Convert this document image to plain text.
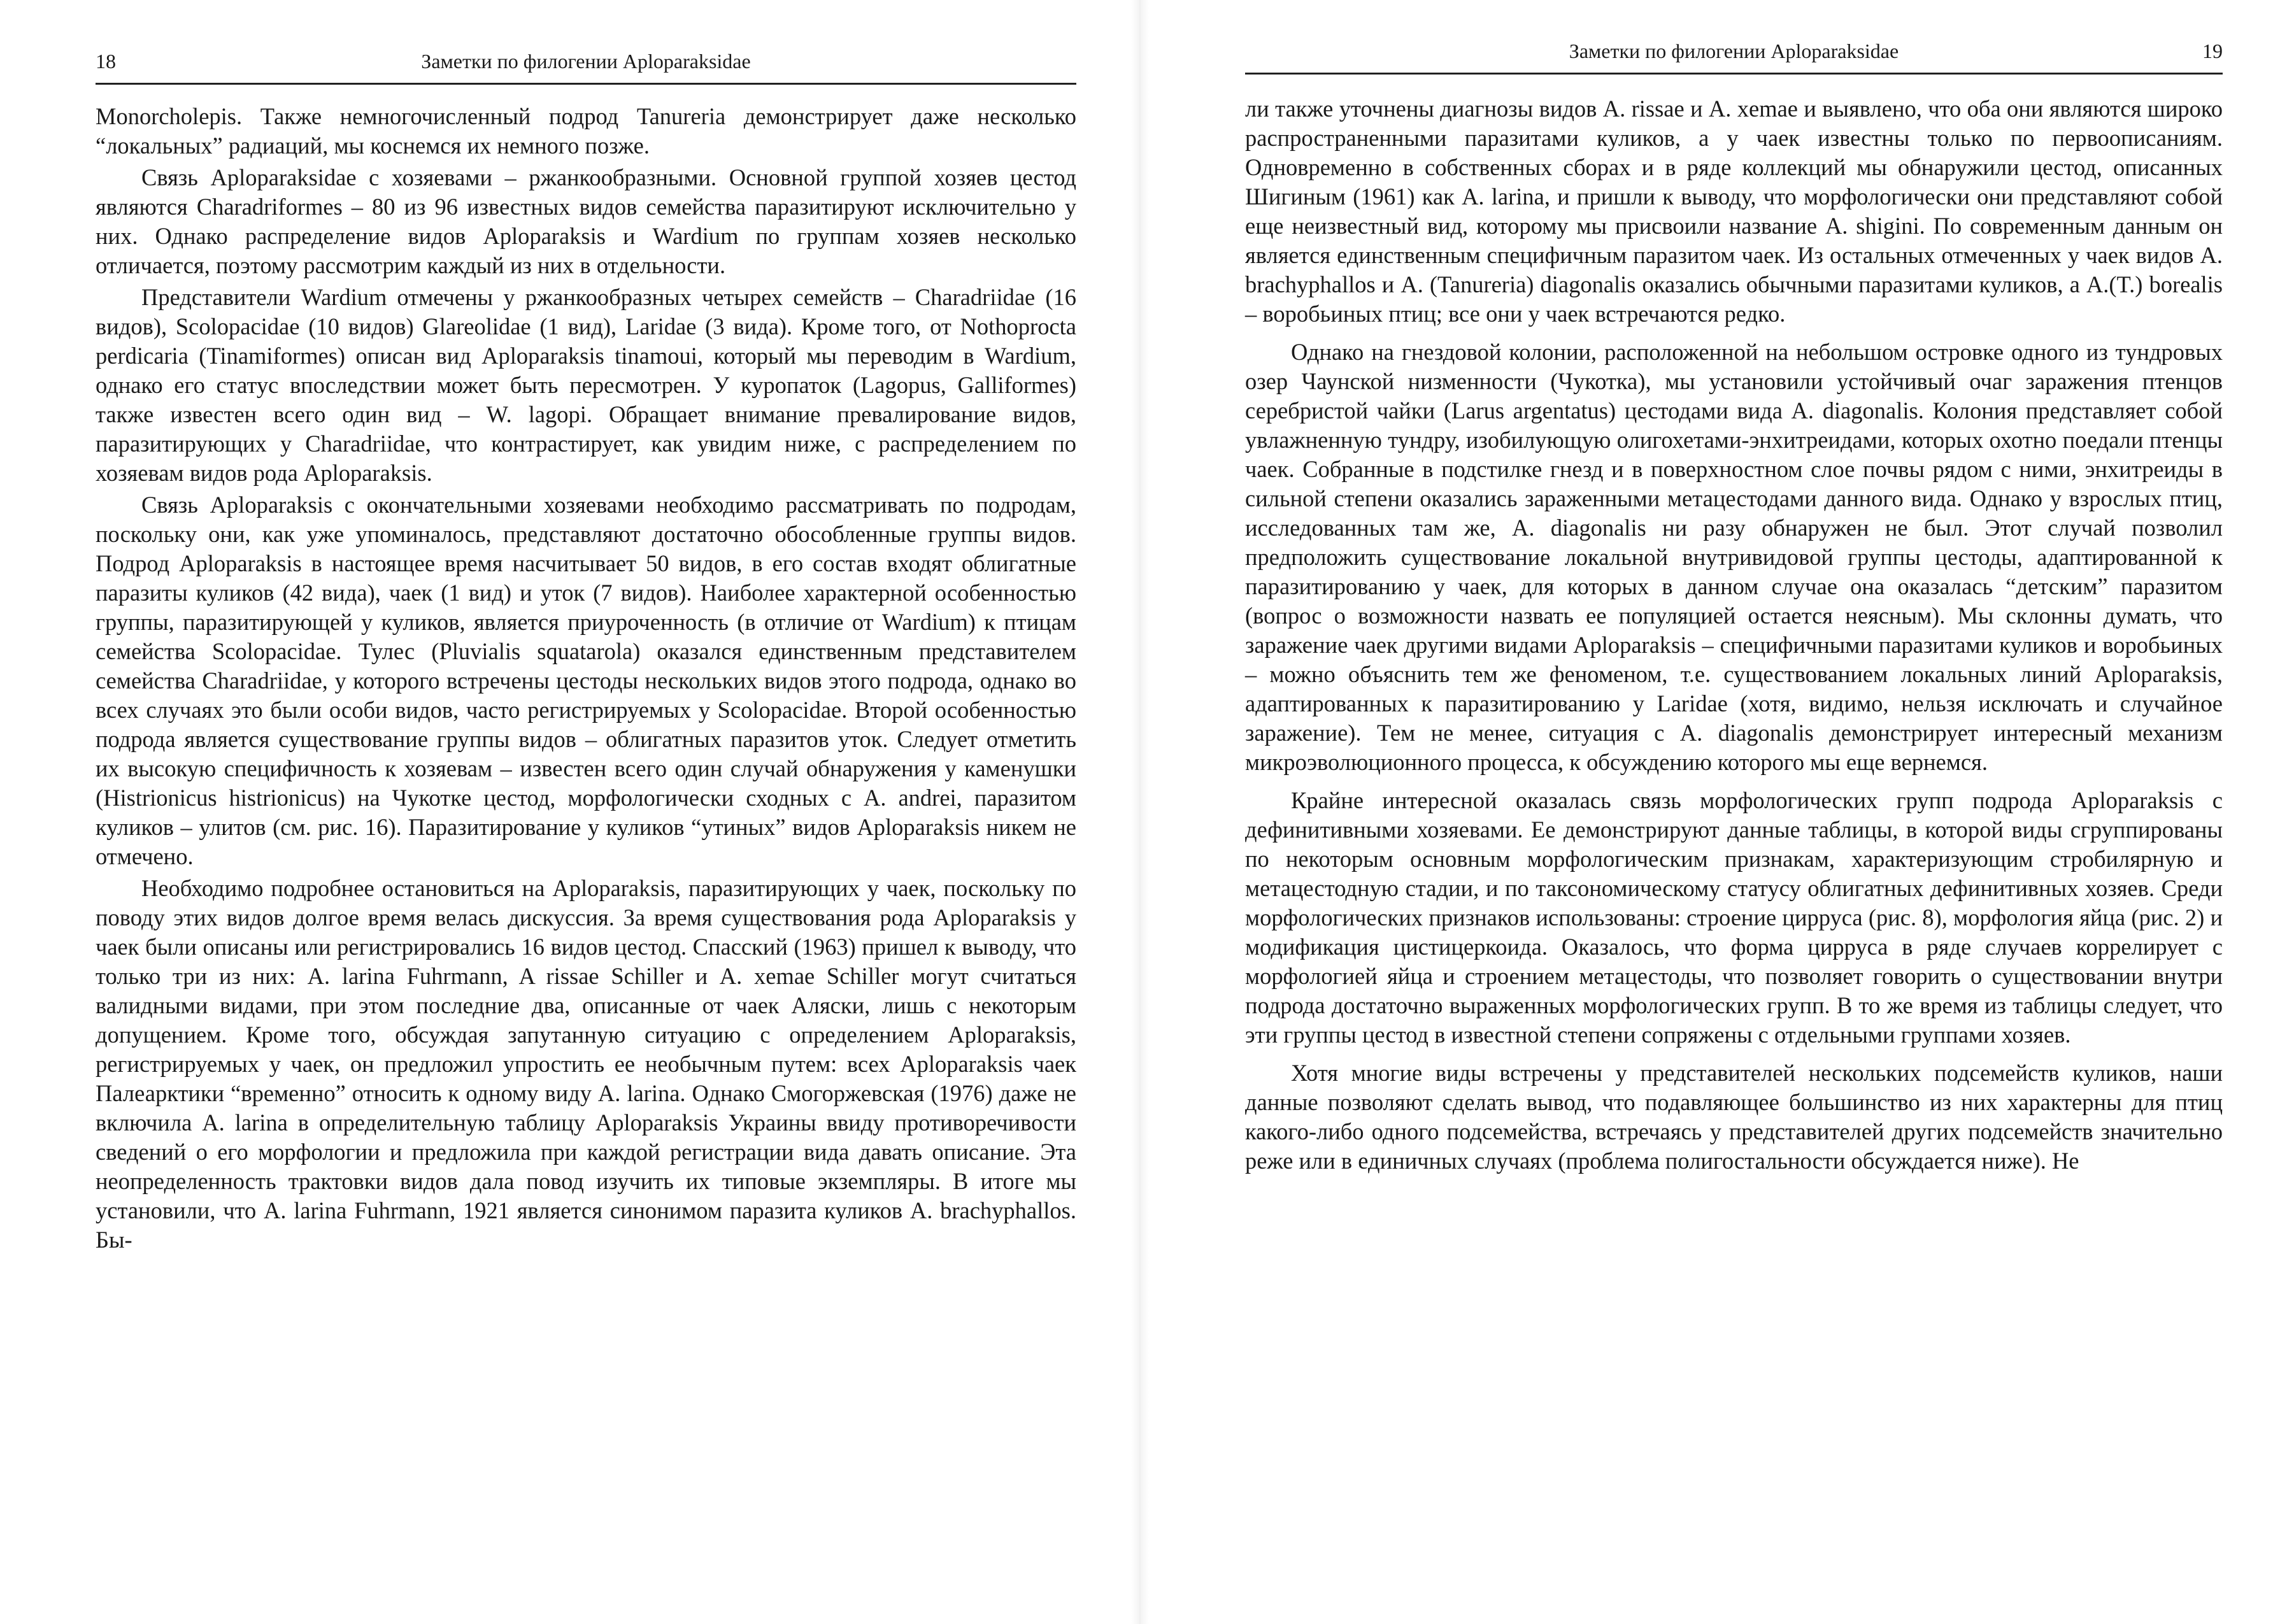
18	Заметки по филогении Aploparaksidae

Monorcholepis. Также немногочисленный подрод Tanureria демонстрирует даже несколько “локальных” радиаций, мы коснемся их немного позже.

Связь Aploparaksidae с хозяевами – ржанкообразными. Основной группой хозяев цестод являются Charadriformes – 80 из 96 известных видов семейства паразитируют исключительно у них. Однако распределение видов Aploparaksis и Wardium по группам хозяев несколько отличается, поэтому рассмотрим каждый из них в отдельности.

Представители Wardium отмечены у ржанкообразных четырех семейств – Charadriidae (16 видов), Scolopacidae (10 видов) Glareolidae (1 вид), Laridae (3 вида). Кроме того, от Nothoprocta perdicaria (Tinamiformes) описан вид Aploparaksis tinamoui, который мы переводим в Wardium, однако его статус впоследствии может быть пересмотрен. У куропаток (Lagopus, Galliformes) также известен всего один вид – W. lagopi. Обращает внимание превалирование видов, паразитирующих у Charadriidae, что контрастирует, как увидим ниже, с распределением по хозяевам видов рода Aploparaksis.

Связь Aploparaksis с окончательными хозяевами необходимо рассматривать по подродам, поскольку они, как уже упоминалось, представляют достаточно обособленные группы видов. Подрод Aploparaksis в настоящее время насчитывает 50 видов, в его состав входят облигатные паразиты куликов (42 вида), чаек (1 вид) и уток (7 видов). Наиболее характерной особенностью группы, паразитирующей у куликов, является приуроченность (в отличие от Wardium) к птицам семейства Scolopacidae. Тулес (Pluvialis squatarola) оказался единственным представителем семейства Charadriidae, у которого встречены цестоды нескольких видов этого подрода, однако во всех случаях это были особи видов, часто регистрируемых у Scolopacidae. Второй особенностью подрода является существование группы видов – облигатных паразитов уток. Следует отметить их высокую специфичность к хозяевам – известен всего один случай обнаружения у каменушки (Histrionicus histrionicus) на Чукотке цестод, морфологически сходных с A. andrei, паразитом куликов – улитов (см. рис. 16). Паразитирование у куликов “утиных” видов Aploparaksis никем не отмечено.

Необходимо подробнее остановиться на Aploparaksis, паразитирующих у чаек, поскольку по поводу этих видов долгое время велась дискуссия. За время существования рода Aploparaksis у чаек были описаны или регистрировались 16 видов цестод. Спасский (1963) пришел к выводу, что только три из них: A. larina Fuhrmann, A rissae Schiller и A. xemae Schiller могут считаться валидными видами, при этом последние два, описанные от чаек Аляски, лишь с некоторым допущением. Кроме того, обсуждая запутанную ситуацию с определением Aploparaksis, регистрируемых у чаек, он предложил упростить ее необычным путем: всех Aploparaksis чаек Палеарктики “временно” относить к одному виду A. larina. Однако Смогоржевская (1976) даже не включила A. larina в определительную таблицу Aploparaksis Украины ввиду противоречивости сведений о его морфологии и предложила при каждой регистрации вида давать описание. Эта неопределенность трактовки видов дала повод изучить их типовые экземпляры. В итоге мы установили, что A. larina Fuhrmann, 1921 является синонимом паразита куликов A. brachyphallos. Бы-

Заметки по филогении Aploparaksidae	19

ли также уточнены диагнозы видов A. rissae и A. xemae и выявлено, что оба они являются широко распространенными паразитами куликов, а у чаек известны только по первоописаниям. Одновременно в собственных сборах и в ряде коллекций мы обнаружили цестод, описанных Шигиным (1961) как A. larina, и пришли к выводу, что морфологически они представляют собой еще неизвестный вид, которому мы присвоили название A. shigini. По современным данным он является единственным специфичным паразитом чаек. Из остальных отмеченных у чаек видов A. brachyphallos и A. (Tanureria) diagonalis оказались обычными паразитами куликов, а A.(T.) borealis – воробьиных птиц; все они у чаек встречаются редко.

Однако на гнездовой колонии, расположенной на небольшом островке одного из тундровых озер Чаунской низменности (Чукотка), мы установили устойчивый очаг заражения птенцов серебристой чайки (Larus argentatus) цестодами вида A. diagonalis. Колония представляет собой увлажненную тундру, изобилующую олигохетами-энхитреидами, которых охотно поедали птенцы чаек. Собранные в подстилке гнезд и в поверхностном слое почвы рядом с ними, энхитреиды в сильной степени оказались зараженными метацестодами данного вида. Однако у взрослых птиц, исследованных там же, A. diagonalis ни разу обнаружен не был. Этот случай позволил предположить существование локальной внутривидовой группы цестоды, адаптированной к паразитированию у чаек, для которых в данном случае она оказалась “детским” паразитом (вопрос о возможности назвать ее популяцией остается неясным). Мы склонны думать, что заражение чаек другими видами Aploparaksis – специфичными паразитами куликов и воробьиных – можно объяснить тем же феноменом, т.е. существованием локальных линий Aploparaksis, адаптированных к паразитированию у Laridae (хотя, видимо, нельзя исключать и случайное заражение). Тем не менее, ситуация с A. diagonalis демонстрирует интересный механизм микроэволюционного процесса, к обсуждению которого мы еще вернемся.

Крайне интересной оказалась связь морфологических групп подрода Aploparaksis с дефинитивными хозяевами. Ее демонстрируют данные таблицы, в которой виды сгруппированы по некоторым основным морфологическим признакам, характеризующим стробилярную и метацестодную стадии, и по таксономическому статусу облигатных дефинитивных хозяев. Среди морфологических признаков использованы: строение цирруса (рис. 8), морфология яйца (рис. 2) и модификация цистицеркоида. Оказалось, что форма цирруса в ряде случаев коррелирует с морфологией яйца и строением метацестоды, что позволяет говорить о существовании внутри подрода достаточно выраженных морфологических групп. В то же время из таблицы следует, что эти группы цестод в известной степени сопряжены с отдельными группами хозяев.

Хотя многие виды встречены у представителей нескольких подсемейств куликов, наши данные позволяют сделать вывод, что подавляющее большинство из них характерны для птиц какого-либо одного подсемейства, встречаясь у представителей других подсемейств значительно реже или в единичных случаях (проблема полигостальности обсуждается ниже). Не
